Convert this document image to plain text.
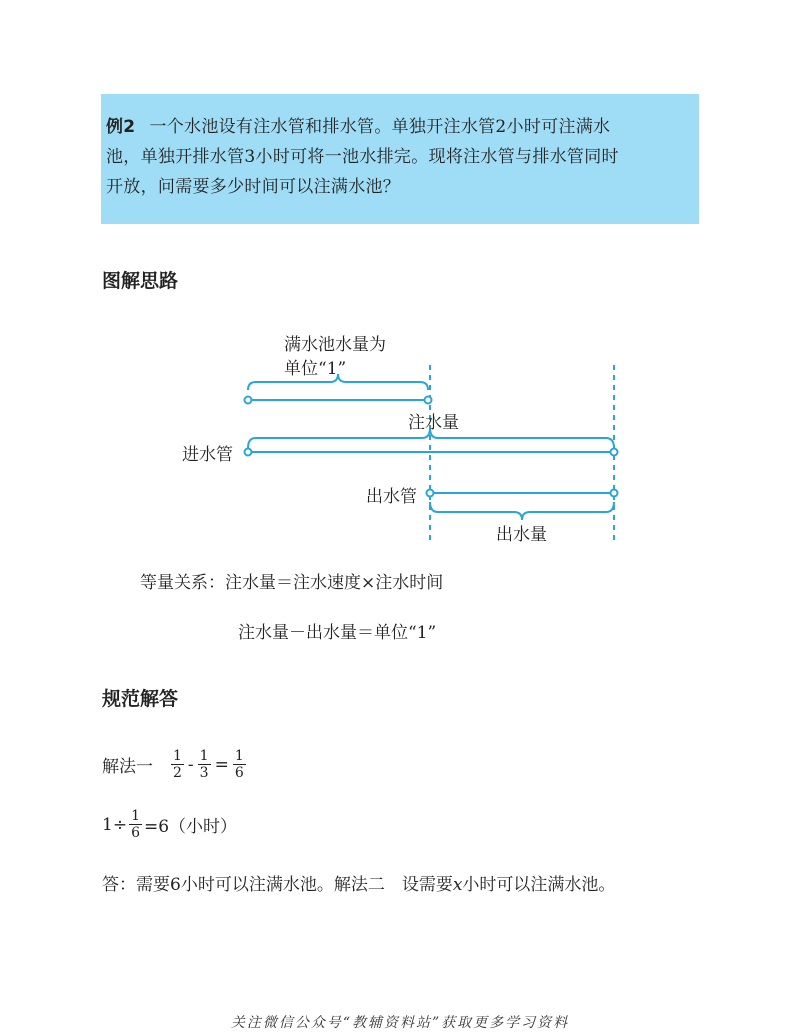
例2 一个水池设有注水管和排水管。单独开注水管2小时可注满水
池，单独开排水管3小时可将一池水排完。现将注水管与排水管同时
开放，问需要多少时间可以注满水池？
图解思路
满水池水量为
单位“1”
注水量
进水管
出水管
出水量
等量关系：注水量＝注水速度×注水时间
注水量－出水量＝单位“1”
规范解答
解法一 $\frac{1}{2} - \frac{1}{3} = \frac{1}{6}$
$1\div \frac{1}{6} =6$（小时）
答：需要6小时可以注满水池。解法二　设需要x小时可以注满水池。
关注微信公众号“教辅资料站”获取更多学习资料
